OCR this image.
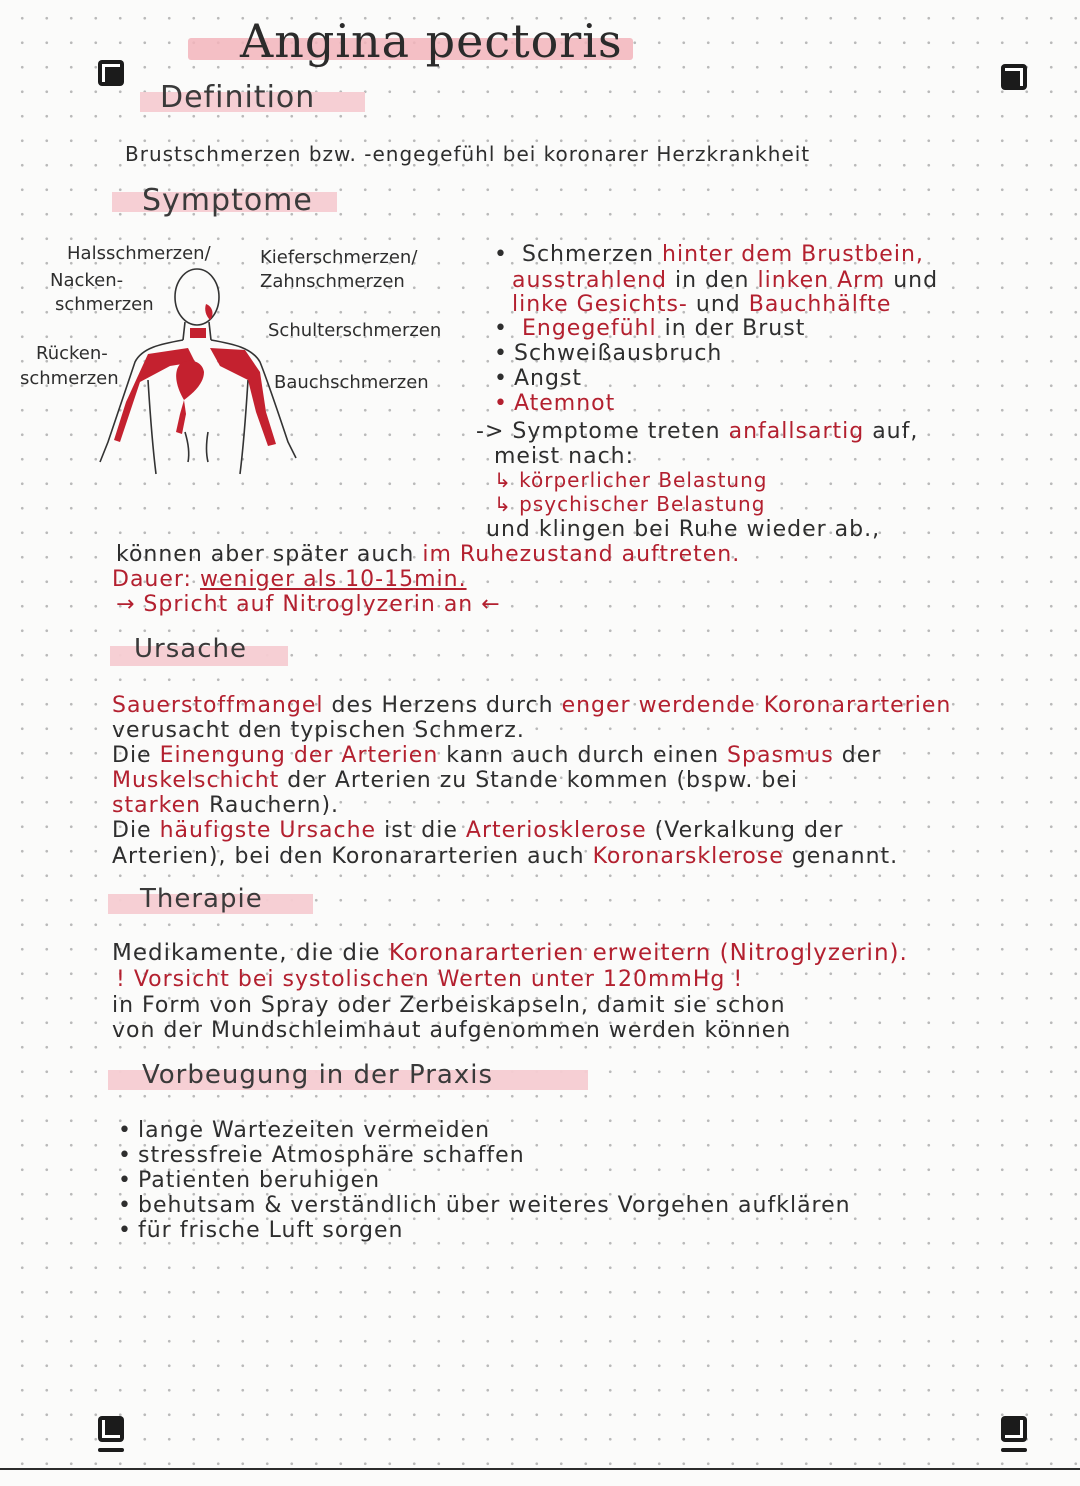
Angina pectoris
Definition
Brustschmerzen bzw. -engegefühl bei koronarer Herzkrankheit
Symptome
Halsschmerzen/
Nacken-
schmerzen
Kieferschmerzen/
Zahnschmerzen
Schulterschmerzen
Rücken-
schmerzen	Bauchschmerzen
• Schmerzen hinter dem Brustbein,
ausstrahlend in den linken Arm und
linke Gesichts- und Bauchhälfte
• Engegefühl in der Brust
• Schweißausbruch
• Angst
• Atemnot
-> Symptome treten anfallsartig auf,
meist nach:
↳ körperlicher Belastung
↳ psychischer Belastung
und klingen bei Ruhe wieder ab.,
können aber später auch im Ruhezustand auftreten.
Dauer: weniger als 10-15min.
→ Spricht auf Nitroglyzerin an ←
Ursache
Sauerstoffmangel des Herzens durch enger werdende Koronararterien
verusacht den typischen Schmerz.
Die Einengung der Arterien kann auch durch einen Spasmus der
Muskelschicht der Arterien zu Stande kommen (bspw. bei
starken Rauchern).
Die häufigste Ursache ist die Arteriosklerose (Verkalkung der
Arterien), bei den Koronararterien auch Koronarsklerose genannt.
Therapie
Medikamente, die die Koronararterien erweitern (Nitroglyzerin).
! Vorsicht bei systolischen Werten unter 120mmHg !
in Form von Spray oder Zerbeiskapseln, damit sie schon
von der Mundschleimhaut aufgenommen werden können
Vorbeugung in der Praxis
• lange Wartezeiten vermeiden
• stressfreie Atmosphäre schaffen
• Patienten beruhigen
• behutsam & verständlich über weiteres Vorgehen aufklären
• für frische Luft sorgen
